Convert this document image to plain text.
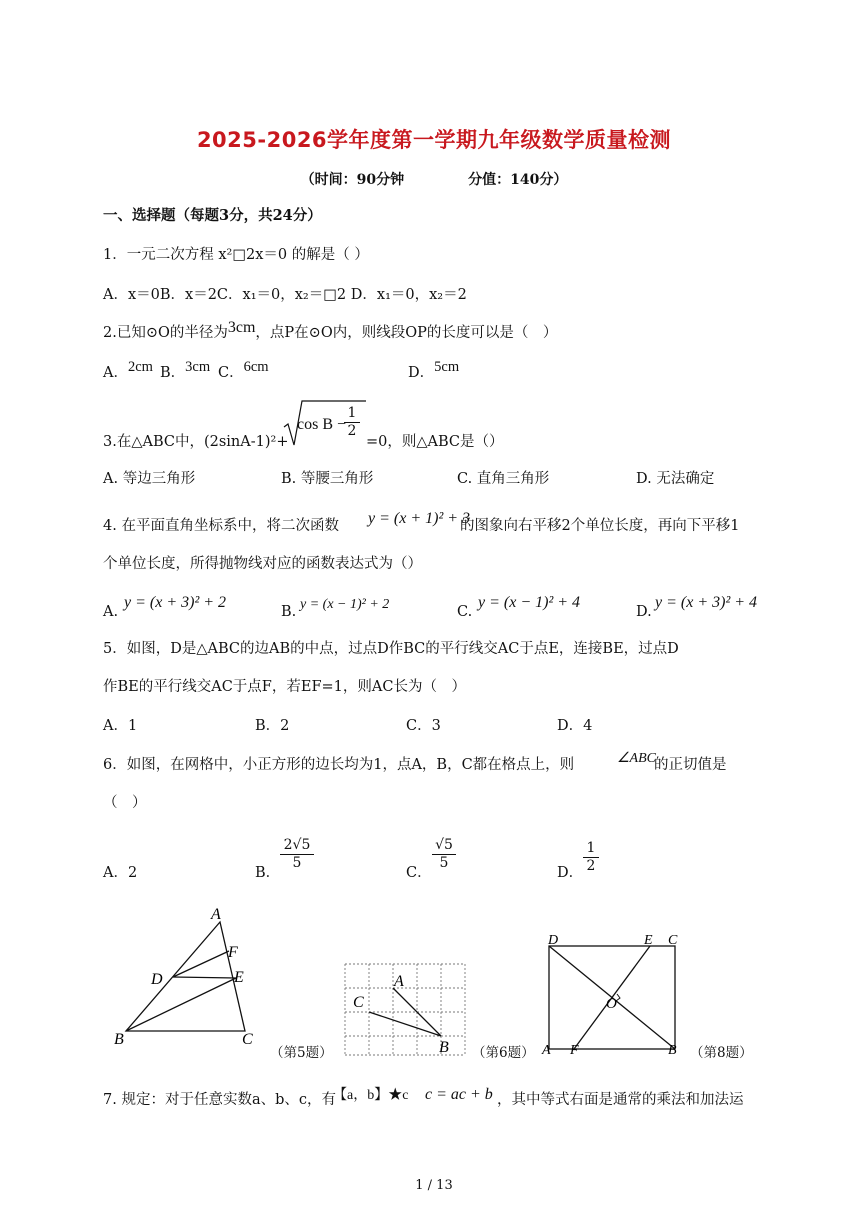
2025-2026学年度第一学期九年级数学质量检测
（时间：90分钟	分值：140分）
一、选择题（每题3分，共24分）
1．一元二次方程 x²□2x＝0 的解是（ ）
A．x＝0B．x＝2C．x₁＝0，x₂＝□2 D．x₁＝0，x₂＝2
2.已知⊙O的半径为3cm，点P在⊙O内，则线段OP的长度可以是（　）
A．2cm B．3cm C．6cm	D．5cm
3.在△ABC中，(2sinA-1)²+
cos B −
$\frac{1}{2}$
=0，则△ABC是（）
A. 等边三角形	B. 等腰三角形	C. 直角三角形	D. 无法确定
4. 在平面直角坐标系中，将二次函数 y = (x + 1)² + 3
的图象向右平移2个单位长度，再向下平移1
个单位长度，所得抛物线对应的函数表达式为（）
A.
y = (x + 3)² + 2
B. y = (x − 1)² + 2	C.
y = (x − 1)² + 4
D.
y = (x + 3)² + 4
5．如图，D是△ABC的边AB的中点，过点D作BC的平行线交AC于点E，连接BE，过点D
作BE的平行线交AC于点F，若EF=1，则AC长为（　）
A．1	B．2	C．3	D．4
6．如图，在网格中，小正方形的边长均为1，点A，B，C都在格点上，则	∠ABC
的正切值是
（　）
A．2	B．
$\frac{2√5}{5}$
C．
$\frac{√5}{5}$
D． $\frac{1}{2}$
A
F
D	E
B	C
（第5题）
A
C
B （第6题）
D	E C
O
A F	B （第8题）
7. 规定：对于任意实数a、b、c，有
【a，b】★c c = ac + b ，其中等式右面是通常的乘法和加法运
1 / 13
